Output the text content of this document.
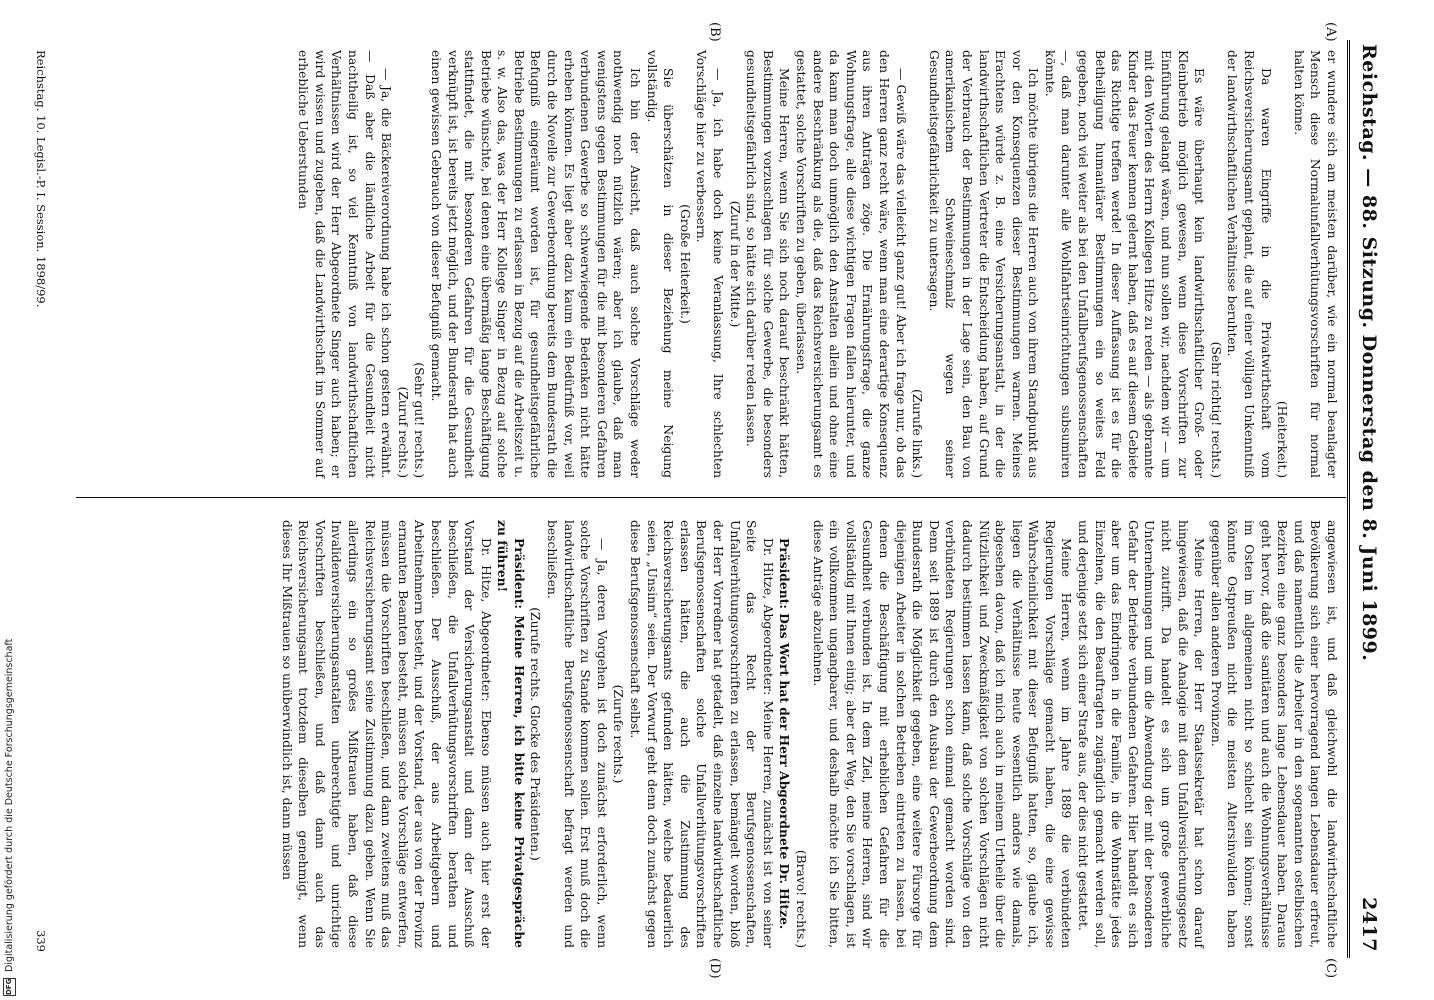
Reichstag. — 88. Sitzung.
Donnerstag den 8. Juni 1899.
2417
(A)
(B)
(C)
(D)

er wundere sich am meisten darüber, wie ein normal beanlagter Mensch diese Normalunfallverhütungsvorschriften für normal halten könne.

(Heiterkeit.)

Da waren Eingriffe in die Privatwirthschaft vom Reichsversicherungsamt geplant, die auf einer völligen Unkenntniß der landwirthschaftlichen Verhältnisse beruhten.

(Sehr richtig! rechts.)

Es wäre überhaupt kein landwirthschaftlicher Groß- oder Kleinbetrieb möglich gewesen, wenn diese Vorschriften zur Einführung gelangt wären, und nun sollen wir, nachdem wir — um mit den Worten des Herrn Kollegen Hitze zu reden — als gebrannte Kinder das Feuer kennen gelernt haben, daß es auf diesem Gebiete das Richtige treffen werde! In dieser Auffassung ist es für die Betheiligung humanitärer Bestimmungen ein so weites Feld gegeben, noch viel weiter als bei den Unfallberufsgenossenschaften —, daß man darunter alle Wohlfahrtseinrichtungen subsumiren könnte.

Ich möchte übrigens die Herren auch von ihrem Standpunkt aus vor den Konsequenzen dieser Bestimmungen warnen. Meines Erachtens würde z. B. eine Versicherungsanstalt, in der die landwirthschaftlichen Vertreter die Entscheidung haben, auf Grund der Verbrauch der Bestimmungen in der Lage sein, den Bau von amerikanischem Schweineschmalz wegen seiner Gesundheitsgefährlichkeit zu untersagen.

(Zurufe links.)

— Gewiß wäre das vielleicht ganz gut! Aber ich frage nur, ob das den Herren ganz recht wäre, wenn man eine derartige Konsequenz aus ihren Anträgen zöge. Die Ernährungsfrage, die ganze Wohnungsfrage, alle diese wichtigen Fragen fallen hierunter, und da kann man doch unmöglich den Anstalten allein und ohne eine andere Beschränkung als die, daß das Reichsversicherungsamt es gestattet, solche Vorschriften zu geben, überlassen.

Meine Herren, wenn Sie sich noch darauf beschränkt hätten, Bestimmungen vorzuschlagen für solche Gewerbe, die besonders gesundheitsgefährlich sind, so hätte sich darüber reden lassen.

(Zuruf in der Mitte.)

— Ja, ich habe doch keine Veranlassung, Ihre schlechten Vorschläge hier zu verbessern.

(Große Heiterkeit.)

Sie überschätzen in dieser Beziehung meine Neigung vollständig.

Ich bin der Ansicht, daß auch solche Vorschläge weder nothwendig noch nützlich wären; aber ich glaube, daß man wenigstens gegen Bestimmungen für die mit besonderen Gefahren verbundenen Gewerbe so schwerwiegende Bedenken nicht hätte erheben können. Es liegt aber dazu kaum ein Bedürfniß vor, weil durch die Novelle zur Gewerbeordnung bereits dem Bundesrath die Befugniß eingeräumt worden ist, für gesundheitsgefährliche Betriebe Bestimmungen zu erlassen in Bezug auf die Arbeitszeit u. s. w. Also das, was der Herr Kollege Singer in Bezug auf solche Betriebe wünschte, bei denen eine übermäßig lange Beschäftigung stattfindet, die mit besonderen Gefahren für die Gesundheit verknüpft ist, ist bereits jetzt möglich, und der Bundesrath hat auch einen gewissen Gebrauch von dieser Befugniß gemacht.

(Sehr gut! rechts.)

(Zuruf rechts.)

— Ja, die Bäckereiverordnung habe ich schon gestern erwähnt. — Daß aber die ländliche Arbeit für die Gesundheit nicht nachtheilig ist, so viel Kenntniß von landwirthschaftlichen Verhältnissen wird der Herr Abgeordnete Singer auch haben; er wird wissen und zugeben, daß die Landwirthschaft im Sommer auf erhebliche Ueberstunden

angewiesen ist, und daß gleichwohl die landwirthschaftliche Bevölkerung sich einer hervorragend langen Lebensdauer erfreut, und daß namentlich die Arbeiter in den sogenannten ostelbischen Bezirken eine ganz besonders lange Lebensdauer haben. Daraus geht hervor, daß die sanitären und auch die Wohnungsverhältnisse im Osten im allgemeinen nicht so schlecht sein können; sonst könnte Ostpreußen nicht die meisten Altersinvaliden haben gegenüber allen anderen Provinzen.

Meine Herren, der Herr Staatssekretär hat schon darauf hingewiesen, daß die Analogie mit dem Unfallversicherungsgesetz nicht zutrifft. Da handelt es sich um große gewerbliche Unternehmungen und um die Abwendung der mit der besonderen Gefahr der Betriebe verbundenen Gefahren. Hier handelt es sich aber um das Eindringen in die Familie, in die Wohnstätte jedes Einzelnen, die den Beauftragten zugänglich gemacht werden soll, und derjenige setzt sich einer Strafe aus, der dies nicht gestattet.

Meine Herren, wenn im Jahre 1889 die verbündeten Regierungen Vorschläge gemacht haben, die eine gewisse Wahrscheinlichkeit mit dieser Befugniß hatten, so, glaube ich, liegen die Verhältnisse heute wesentlich anders wie damals, abgesehen davon, daß ich mich auch in meinem Urtheile über die Nützlichkeit und Zweckmäßigkeit von solchen Vorschlägen nicht dadurch bestimmen lassen kann, daß solche Vorschläge von den verbündeten Regierungen schon einmal gemacht worden sind. Denn seit 1889 ist durch den Ausbau der Gewerbeordnung dem Bundesrath die Möglichkeit gegeben, eine weitere Fürsorge für diejenigen Arbeiter in solchen Betrieben eintreten zu lassen, bei denen die Beschäftigung mit erheblichen Gefahren für die Gesundheit verbunden ist. In dem Ziel, meine Herren, sind wir vollständig mit Ihnen einig; aber der Weg, den Sie vorschlagen, ist ein vollkommen ungangbarer, und deshalb möchte ich Sie bitten, diese Anträge abzulehnen.

(Bravo! rechts.)

Präsident: Das Wort hat der Herr Abgeordnete Dr. Hitze.

Dr. Hitze, Abgeordneter: Meine Herren, zunächst ist von seiner Seite das Recht der Berufsgenossenschaften, Unfallverhütungsvorschriften zu erlassen, bemängelt worden, bloß der Herr Vorredner hat getadelt, daß einzelne landwirthschaftliche Berufsgenossenschaften solche Unfallverhütungsvorschriften erlassen hätten, die auch die Zustimmung des Reichsversicherungsamts gefunden hätten, welche bedauerlich seien, „Unsinn“ seien. Der Vorwurf geht denn doch zunächst gegen diese Berufsgenossenschaft selbst.

(Zurufe rechts.)

— Ja, deren Vorgehen ist doch zunächst erforderlich, wenn solche Vorschriften zu Stande kommen sollen. Erst muß doch die landwirthschaftliche Berufsgenossenschaft befragt werden und beschließen.

(Zurufe rechts. Glocke des Präsidenten.)

Präsident: Meine Herren, ich bitte keine Privatgespräche zu führen!

Dr. Hitze, Abgeordneter: Ebenso müssen auch hier erst der Vorstand der Versicherungsanstalt und dann der Ausschuß beschließen, die Unfallverhütungsvorschriften berathen und beschließen. Der Ausschuß, der aus Arbeitgebern und Arbeitnehmern besteht, und der Vorstand, der aus von der Provinz ernannten Beamten besteht, müssen solche Vorschläge entwerfen, müssen die Vorschriften beschließen, und dann zweitens muß das Reichsversicherungsamt seine Zustimmung dazu geben. Wenn Sie allerdings ein so großes Mißtrauen haben, daß diese Invalidenversicherungsanstalten unberechtigte und unrichtige Vorschriften beschließen, und daß dann auch das Reichsversicherungsamt trotzdem dieselben genehmigt, wenn dieses Ihr Mißtrauen so unüberwindlich ist, dann müssen

Reichstag. 10. Legisl.-P. I. Session. 1898/99.
339
DFGDigitalisierung gefördert durch die Deutsche Forschungsgemeinschaft
